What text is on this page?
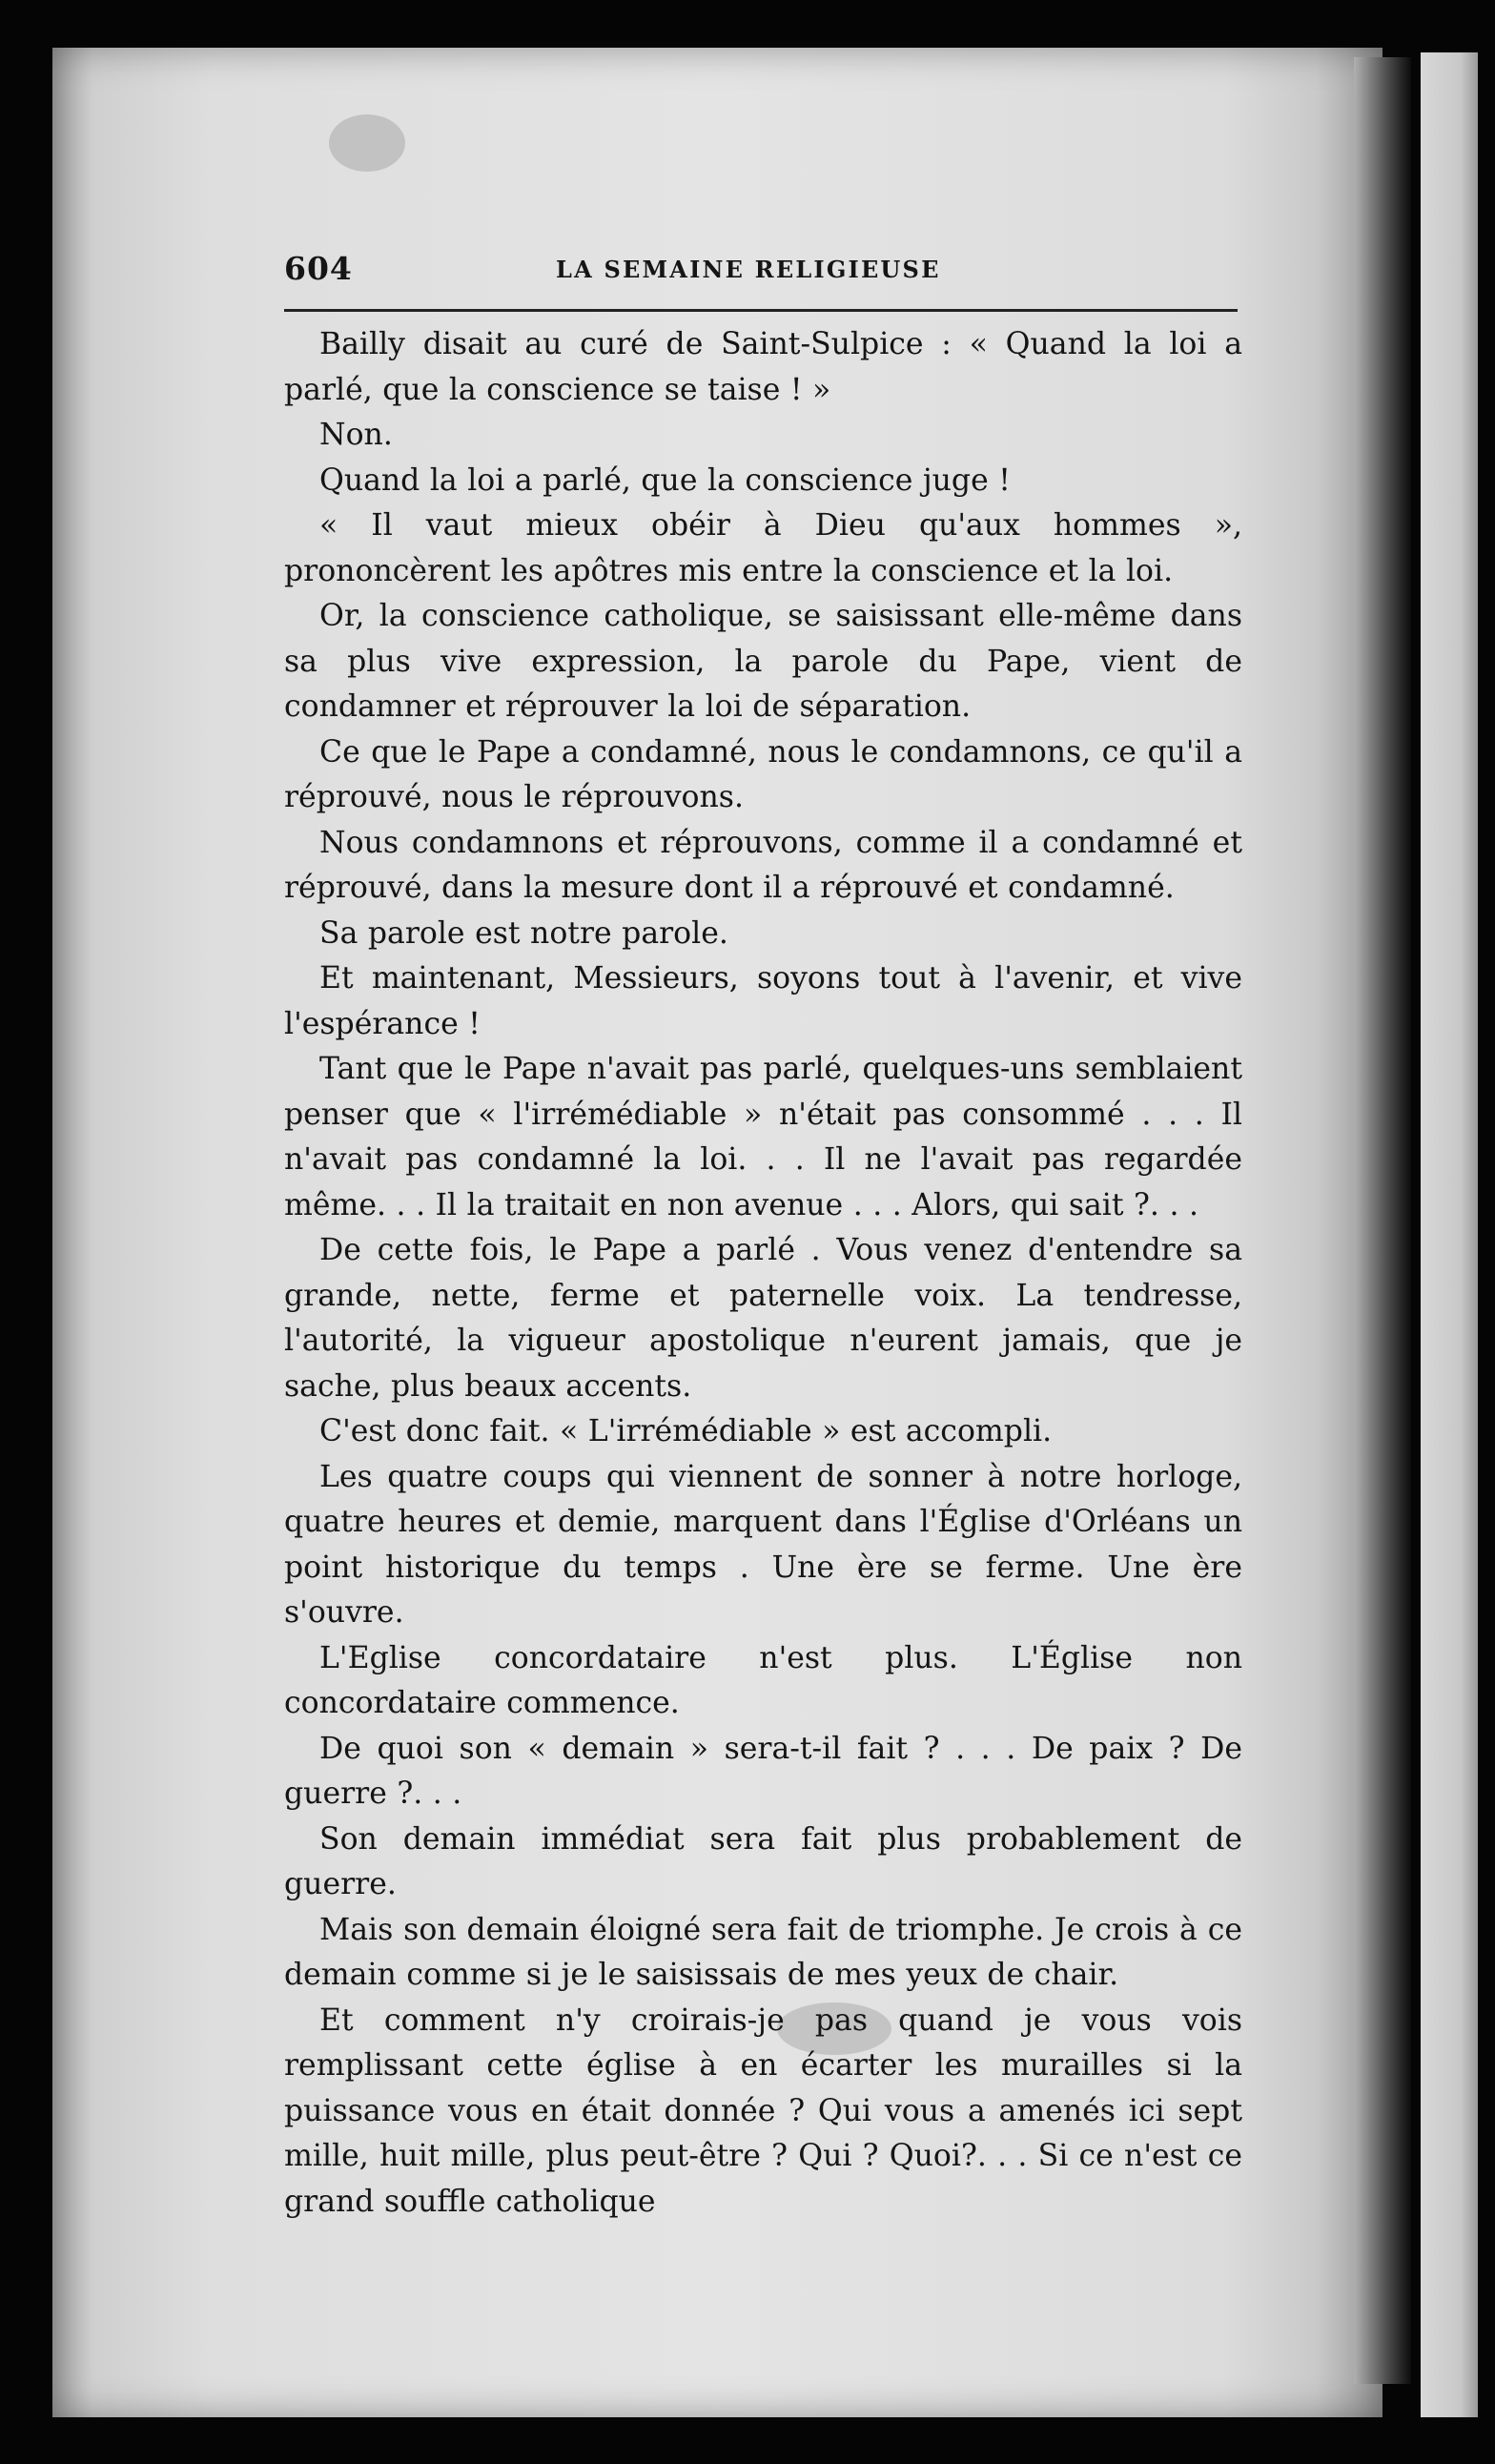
604	LA SEMAINE RELIGIEUSE

Bailly disait au curé de Saint-Sulpice : « Quand la loi a parlé, que la conscience se taise ! »

Non.

Quand la loi a parlé, que la conscience juge !

« Il vaut mieux obéir à Dieu qu'aux hommes », prononcèrent les apôtres mis entre la conscience et la loi.

Or, la conscience catholique, se saisissant elle-même dans sa plus vive expression, la parole du Pape, vient de condamner et réprouver la loi de séparation.

Ce que le Pape a condamné, nous le condamnons, ce qu'il a réprouvé, nous le réprouvons.

Nous condamnons et réprouvons, comme il a condamné et réprouvé, dans la mesure dont il a réprouvé et condamné.

Sa parole est notre parole.

Et maintenant, Messieurs, soyons tout à l'avenir, et vive l'espérance !

Tant que le Pape n'avait pas parlé, quelques-uns semblaient penser que « l'irrémédiable » n'était pas consommé . . . Il n'avait pas condamné la loi. . . Il ne l'avait pas regardée même. . . Il la traitait en non avenue . . . Alors, qui sait ?. . .

De cette fois, le Pape a parlé . Vous venez d'entendre sa grande, nette, ferme et paternelle voix. La tendresse, l'autorité, la vigueur apostolique n'eurent jamais, que je sache, plus beaux accents.

C'est donc fait. « L'irrémédiable » est accompli.

Les quatre coups qui viennent de sonner à notre horloge, quatre heures et demie, marquent dans l'Église d'Orléans un point historique du temps . Une ère se ferme. Une ère s'ouvre.

L'Eglise concordataire n'est plus. L'Église non concordataire commence.

De quoi son « demain » sera-t-il fait ? . . . De paix ? De guerre ?. . .

Son demain immédiat sera fait plus probablement de guerre.

Mais son demain éloigné sera fait de triomphe. Je crois à ce demain comme si je le saisissais de mes yeux de chair.

Et comment n'y croirais-je pas quand je vous vois remplissant cette église à en écarter les murailles si la puissance vous en était donnée ? Qui vous a amenés ici sept mille, huit mille, plus peut-être ? Qui ? Quoi?. . . Si ce n'est ce grand souffle catholique
